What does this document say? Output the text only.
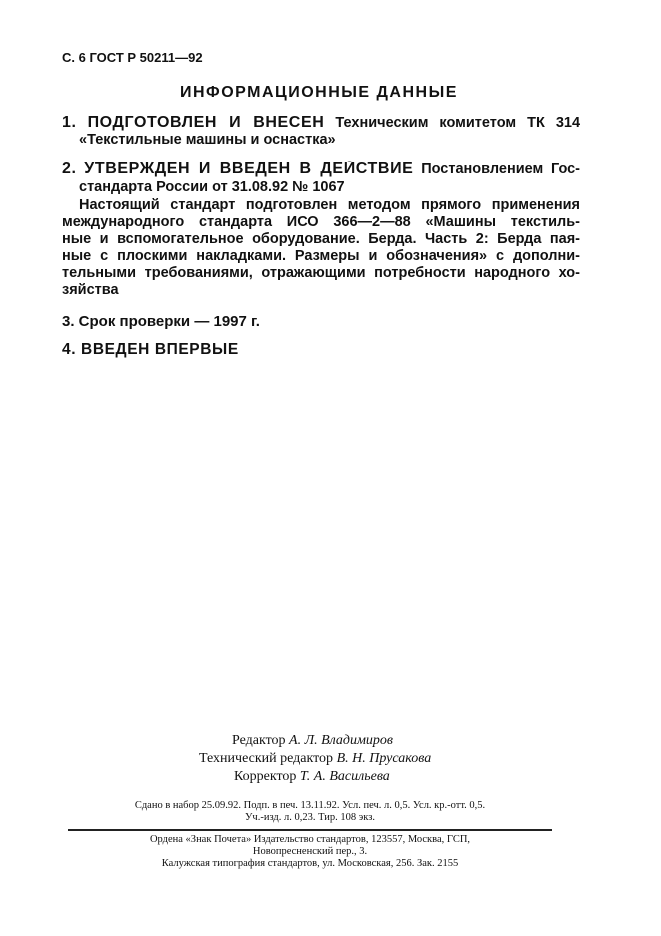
С. 6 ГОСТ Р 50211—92
ИНФОРМАЦИОННЫЕ ДАННЫЕ
1. ПОДГОТОВЛЕН И ВНЕСЕН Техническим комитетом ТК 314
«Текстильные машины и оснастка»
2. УТВЕРЖДЕН И ВВЕДЕН В ДЕЙСТВИЕ Постановлением Гос-
стандарта России от 31.08.92 № 1067
Настоящий стандарт подготовлен методом прямого применения
международного стандарта ИСО 366—2—88 «Машины текстиль-
ные и вспомогательное оборудование. Берда. Часть 2: Берда пая-
ные с плоскими накладками. Размеры и обозначения» с дополни-
тельными требованиями, отражающими потребности народного хо-
зяйства
3. Срок проверки — 1997 г.
4. ВВЕДЕН ВПЕРВЫЕ
Редактор А. Л. Владимиров
Технический редактор В. Н. Прусакова
Корректор Т. А. Васильева
Сдано в набор 25.09.92. Подп. в печ. 13.11.92. Усл. печ. л. 0,5. Усл. кр.-отт. 0,5.
Уч.-изд. л. 0,23. Тир. 108 экз.
Ордена «Знак Почета» Издательство стандартов, 123557, Москва, ГСП,
Новопресненский пер., 3.
Калужская типография стандартов, ул. Московская, 256. Зак. 2155
